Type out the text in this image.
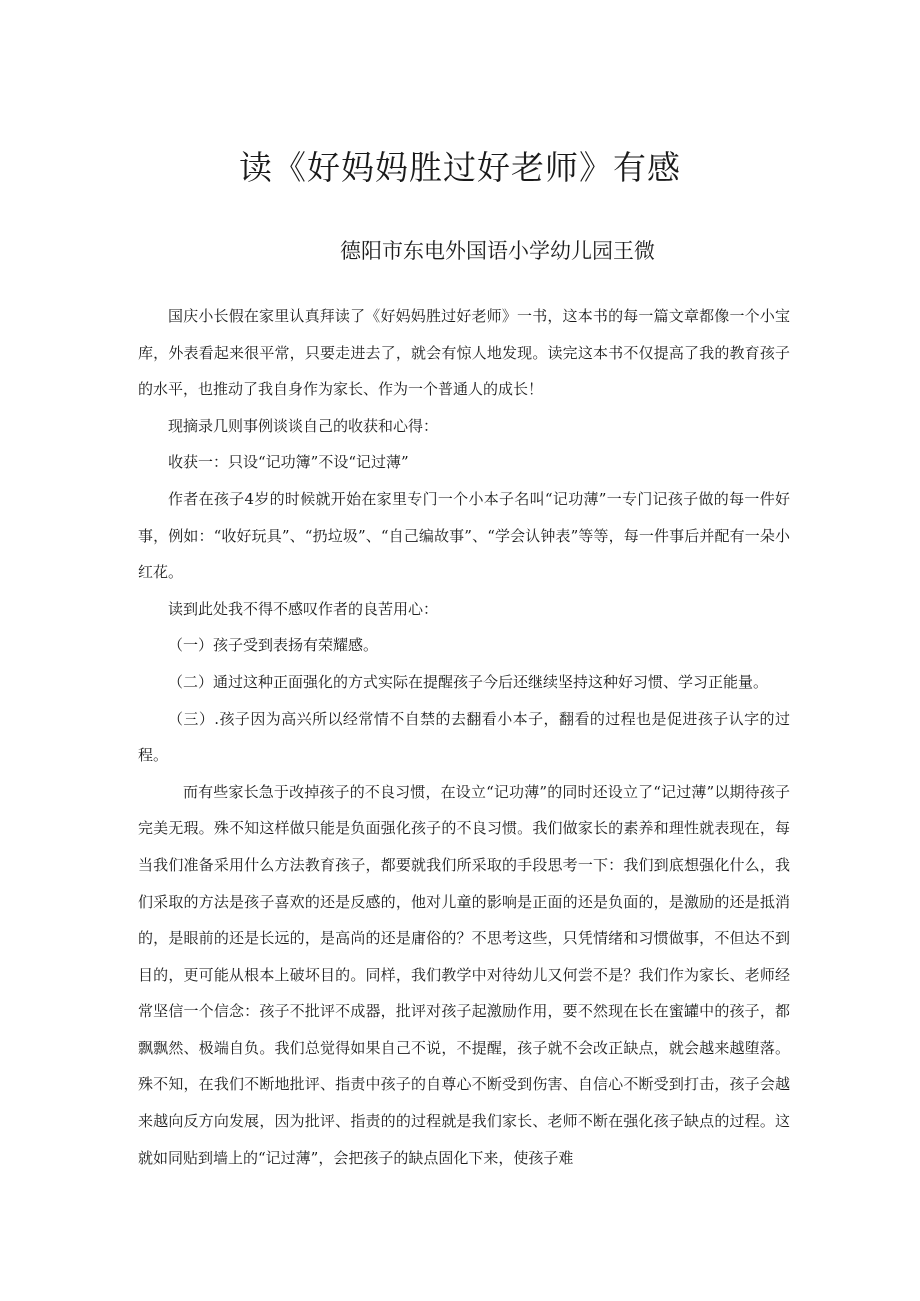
读《好妈妈胜过好老师》有感
德阳市东电外国语小学幼儿园王微

国庆小长假在家里认真拜读了《好妈妈胜过好老师》一书，这本书的每一篇文章都像一个小宝库，外表看起来很平常，只要走进去了，就会有惊人地发现。读完这本书不仅提高了我的教育孩子的水平，也推动了我自身作为家长、作为一个普通人的成长！

现摘录几则事例谈谈自己的收获和心得：

收获一：只设“记功簿”不设“记过薄”

作者在孩子4岁的时候就开始在家里专门一个小本子名叫“记功薄”一专门记孩子做的每一件好事，例如：“收好玩具”、“扔垃圾”、“自己编故事”、“学会认钟表”等等，每一件事后并配有一朵小红花。

读到此处我不得不感叹作者的良苦用心：

（一）孩子受到表扬有荣耀感。

（二）通过这种正面强化的方式实际在提醒孩子今后还继续坚持这种好习惯、学习正能量。

（三）.孩子因为高兴所以经常情不自禁的去翻看小本子，翻看的过程也是促进孩子认字的过程。

而有些家长急于改掉孩子的不良习惯，在设立“记功薄”的同时还设立了“记过薄”以期待孩子完美无瑕。殊不知这样做只能是负面强化孩子的不良习惯。我们做家长的素养和理性就表现在，每当我们准备采用什么方法教育孩子，都要就我们所采取的手段思考一下：我们到底想强化什么，我们采取的方法是孩子喜欢的还是反感的，他对儿童的影响是正面的还是负面的，是激励的还是抵消的，是眼前的还是长远的，是高尚的还是庸俗的？不思考这些，只凭情绪和习惯做事，不但达不到目的，更可能从根本上破坏目的。同样，我们教学中对待幼儿又何尝不是？我们作为家长、老师经常坚信一个信念：孩子不批评不成器，批评对孩子起激励作用，要不然现在长在蜜罐中的孩子，都飘飘然、极端自负。我们总觉得如果自己不说，不提醒，孩子就不会改正缺点，就会越来越堕落。殊不知，在我们不断地批评、指责中孩子的自尊心不断受到伤害、自信心不断受到打击，孩子会越来越向反方向发展，因为批评、指责的的过程就是我们家长、老师不断在强化孩子缺点的过程。这就如同贴到墙上的“记过薄”，会把孩子的缺点固化下来，使孩子难
